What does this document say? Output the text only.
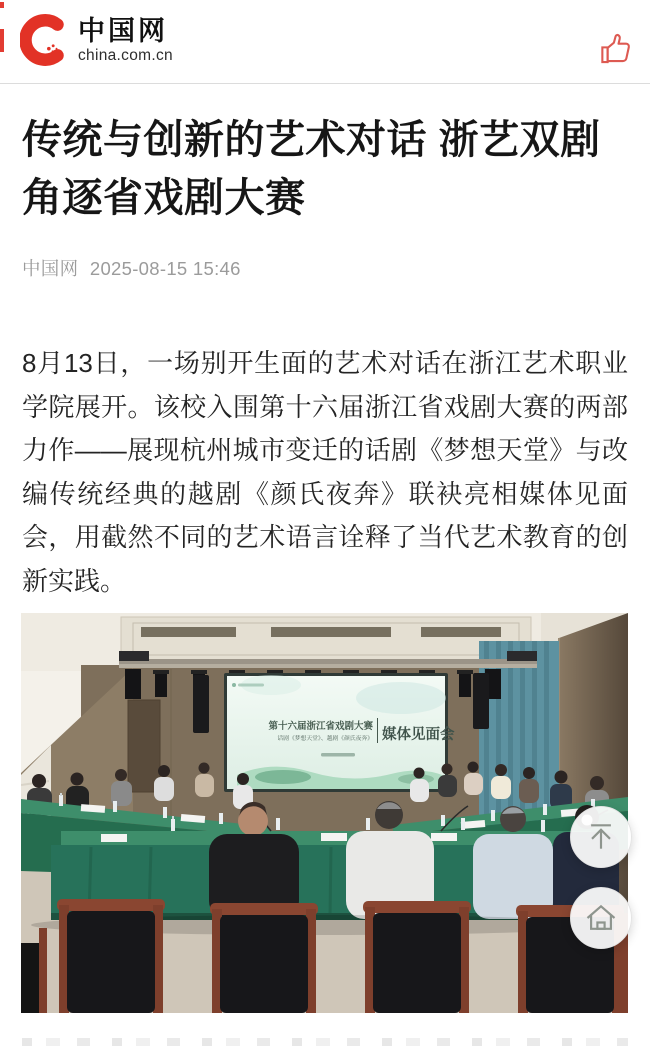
中国网
china.com.cn
传统与创新的艺术对话 浙艺双剧角逐省戏剧大赛
中国网 2025-08-15 15:46

8月13日，一场别开生面的艺术对话在浙江艺术职业学院展开。该校入围第十六届浙江省戏剧大赛的两部力作——展现杭州城市变迁的话剧《梦想天堂》与改编传统经典的越剧《颜氏夜奔》联袂亮相媒体见面会，用截然不同的艺术语言诠释了当代艺术教育的创新实践。

第十六届浙江省戏剧大赛
话剧《梦想天堂》、越剧《颜氏夜奔》 媒体见面会
